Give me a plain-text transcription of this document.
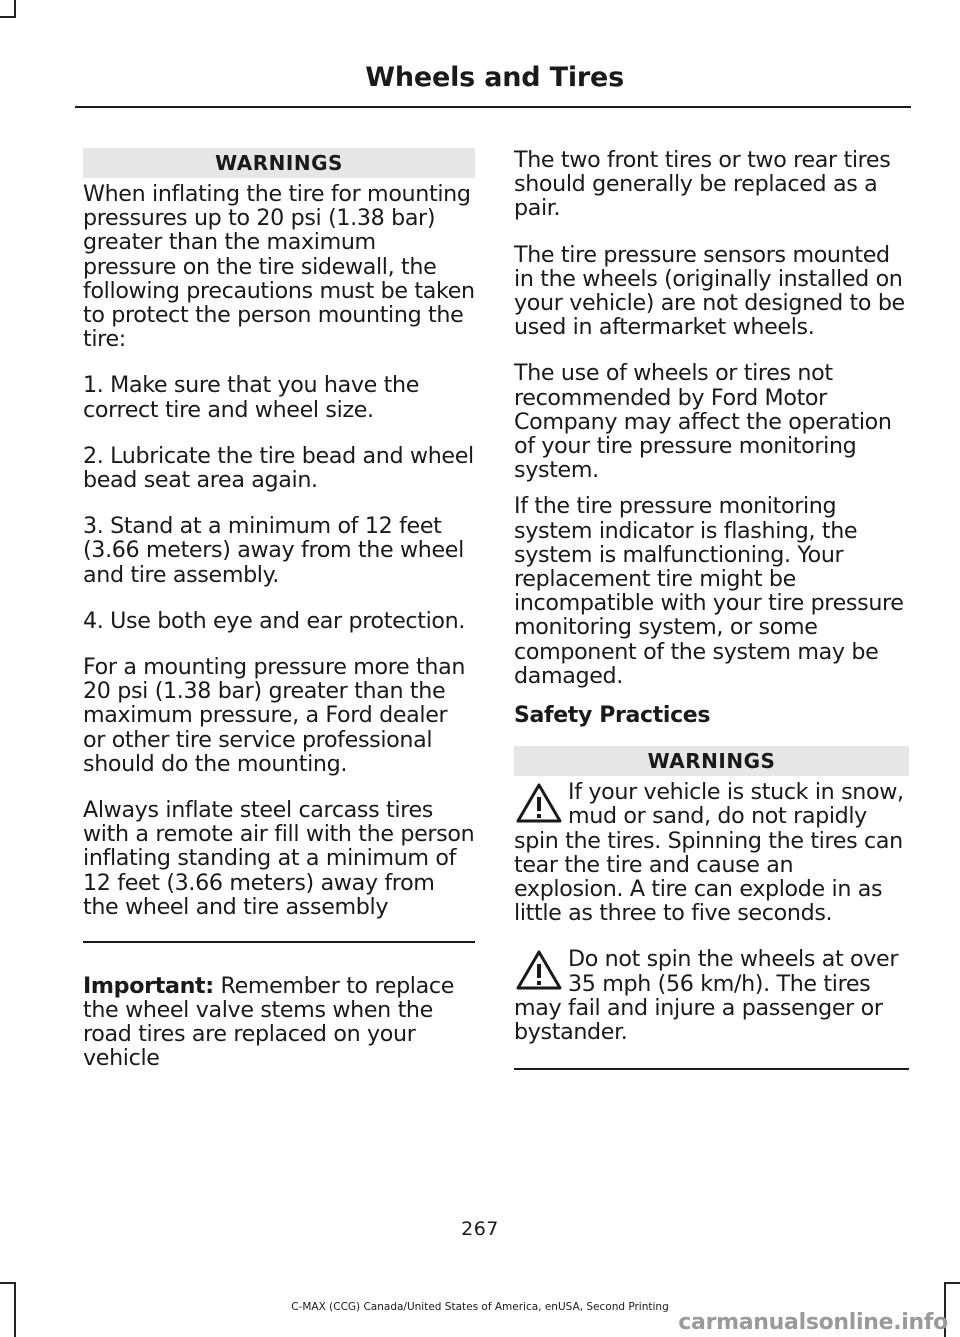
Wheels and Tires
WARNINGS

When inflating the tire for mounting pressures up to 20 psi (1.38 bar) greater than the maximum pressure on the tire sidewall, the following precautions must be taken to protect the person mounting the tire:

1. Make sure that you have the correct tire and wheel size.

2. Lubricate the tire bead and wheel bead seat area again.

3. Stand at a minimum of 12 feet (3.66 meters) away from the wheel and tire assembly.

4. Use both eye and ear protection.

For a mounting pressure more than 20 psi (1.38 bar) greater than the maximum pressure, a Ford dealer or other tire service professional should do the mounting.

Always inflate steel carcass tires with a remote air fill with the person inflating standing at a minimum of 12 feet (3.66 meters) away from the wheel and tire assembly

Important: Remember to replace the wheel valve stems when the road tires are replaced on your vehicle

The two front tires or two rear tires should generally be replaced as a pair.

The tire pressure sensors mounted in the wheels (originally installed on your vehicle) are not designed to be used in aftermarket wheels.

The use of wheels or tires not recommended by Ford Motor Company may affect the operation of your tire pressure monitoring system.

If the tire pressure monitoring system indicator is flashing, the system is malfunctioning. Your replacement tire might be incompatible with your tire pressure monitoring system, or some component of the system may be damaged.

Safety Practices

WARNINGS
If your vehicle is stuck in snow, mud or sand, do not rapidly spin the tires. Spinning the tires can tear the tire and cause an explosion. A tire can explode in as little as three to five seconds.
Do not spin the wheels at over 35 mph (56 km/h). The tires may fail and injure a passenger or bystander.
267
C-MAX (CCG) Canada/United States of America, enUSA, Second Printing
carmanualsonline.info
